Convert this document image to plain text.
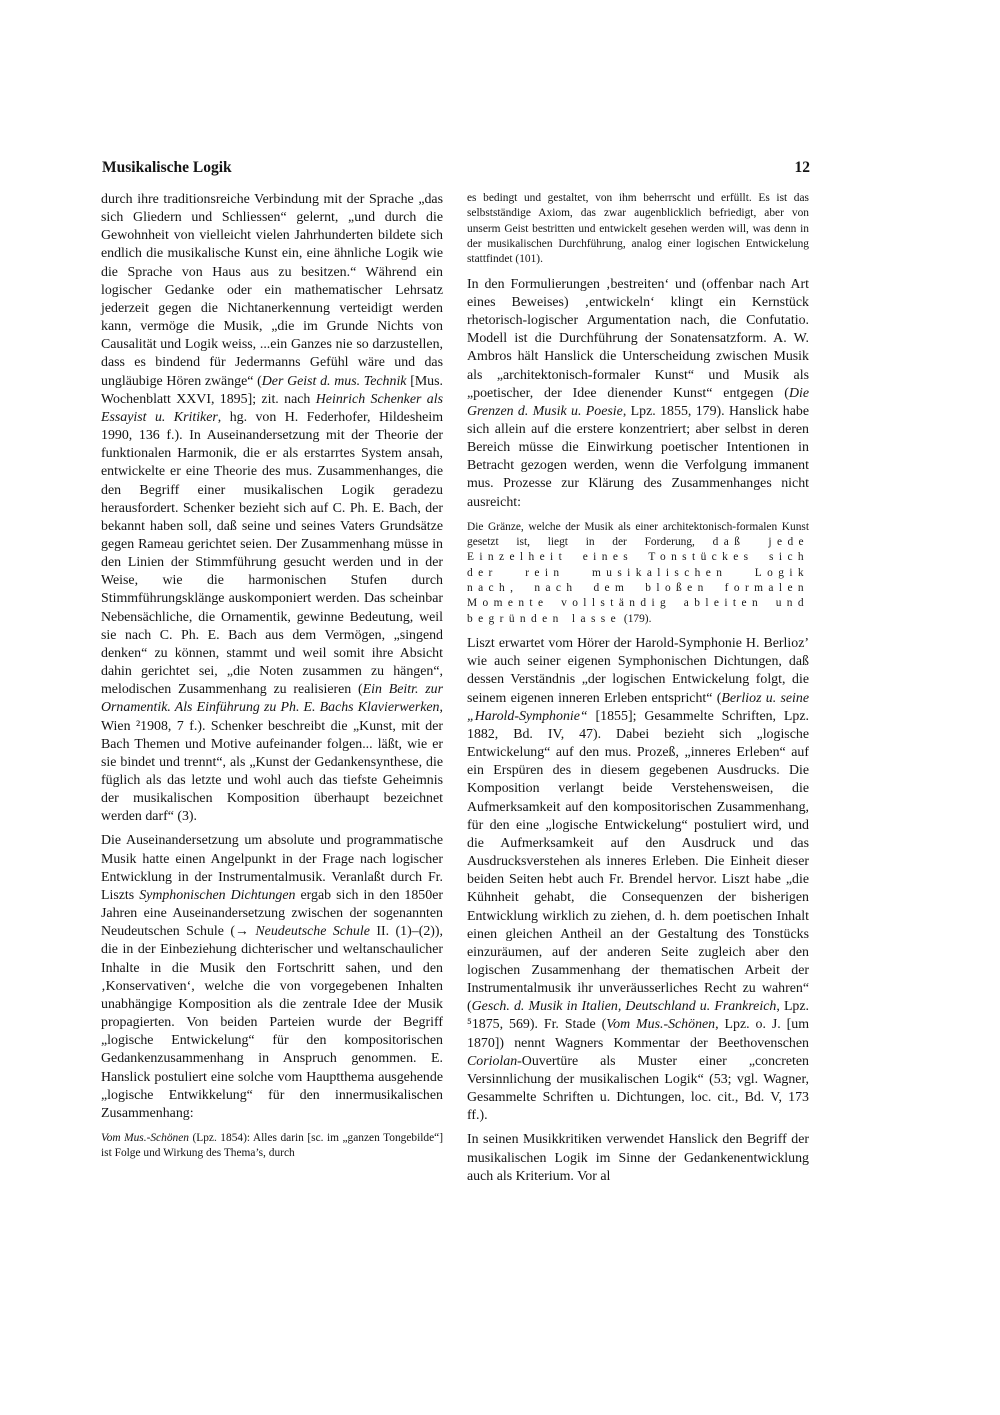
Musikalische Logik	12

durch ihre traditionsreiche Verbindung mit der Sprache „das sich Gliedern und Schliessen“ gelernt, „und durch die Gewohnheit von vielleicht vielen Jahrhunderten bildete sich endlich die musikalische Kunst ein, eine ähnliche Logik wie die Sprache von Haus aus zu besitzen.“ Während ein logischer Gedanke oder ein mathematischer Lehrsatz jederzeit gegen die Nichtanerkennung verteidigt werden kann, vermöge die Musik, „die im Grunde Nichts von Causalität und Logik weiss, ...ein Ganzes nie so darzustellen, dass es bindend für Jedermanns Gefühl wäre und das ungläubige Hören zwänge“ (Der Geist d. mus. Technik [Mus. Wochenblatt XXVI, 1895]; zit. nach Heinrich Schenker als Essayist u. Kritiker, hg. von H. Federhofer, Hildesheim 1990, 136 f.). In Auseinandersetzung mit der Theorie der funktionalen Harmonik, die er als erstarrtes System ansah, entwickelte er eine Theorie des mus. Zusammenhanges, die den Begriff einer musikalischen Logik geradezu herausfordert. Schenker bezieht sich auf C. Ph. E. Bach, der bekannt haben soll, daß seine und seines Vaters Grundsätze gegen Rameau gerichtet seien. Der Zusammenhang müsse in den Linien der Stimmführung gesucht werden und in der Weise, wie die harmonischen Stufen durch Stimmführungsklänge auskomponiert werden. Das scheinbar Nebensächliche, die Ornamentik, gewinne Bedeutung, weil sie nach C. Ph. E. Bach aus dem Vermögen, „singend denken“ zu können, stammt und weil somit ihre Absicht dahin gerichtet sei, „die Noten zusammen zu hängen“, melodischen Zusammenhang zu realisieren (Ein Beitr. zur Ornamentik. Als Einführung zu Ph. E. Bachs Klavierwerken, Wien ²1908, 7 f.). Schenker beschreibt die „Kunst, mit der Bach Themen und Motive aufeinander folgen... läßt, wie er sie bindet und trennt“, als „Kunst der Gedankensynthese, die füglich als das letzte und wohl auch das tiefste Geheimnis der musikalischen Komposition überhaupt bezeichnet werden darf“ (3).

Die Auseinandersetzung um absolute und programmatische Musik hatte einen Angelpunkt in der Frage nach logischer Entwicklung in der Instrumentalmusik. Veranlaßt durch Fr. Liszts Symphonischen Dichtungen ergab sich in den 1850er Jahren eine Auseinandersetzung zwischen der sogenannten Neudeutschen Schule (→ Neudeutsche Schule II. (1)–(2)), die in der Einbeziehung dichterischer und weltanschaulicher Inhalte in die Musik den Fortschritt sahen, und den ‚Konservativen‘, welche die von vorgegebenen Inhalten unabhängige Komposition als die zentrale Idee der Musik propagierten. Von beiden Parteien wurde der Begriff „logische Entwickelung“ für den kompositorischen Gedankenzusammenhang in Anspruch genommen. E. Hanslick postuliert eine solche vom Hauptthema ausgehende „logische Entwikkelung“ für den innermusikalischen Zusammenhang:

Vom Mus.-Schönen (Lpz. 1854): Alles darin [sc. im „ganzen Tongebilde“] ist Folge und Wirkung des Thema’s, durch

es bedingt und gestaltet, von ihm beherrscht und erfüllt. Es ist das selbstständige Axiom, das zwar augenblicklich befriedigt, aber von unserm Geist bestritten und entwickelt gesehen werden will, was denn in der musikalischen Durchführung, analog einer logischen Entwickelung stattfindet (101).

In den Formulierungen ‚bestreiten‘ und (offenbar nach Art eines Beweises) ‚entwickeln‘ klingt ein Kernstück rhetorisch-logischer Argumentation nach, die Confutatio. Modell ist die Durchführung der Sonatensatzform. A. W. Ambros hält Hanslick die Unterscheidung zwischen Musik als „architektonisch-formaler Kunst“ und Musik als „poetischer, der Idee dienender Kunst“ entgegen (Die Grenzen d. Musik u. Poesie, Lpz. 1855, 179). Hanslick habe sich allein auf die erstere konzentriert; aber selbst in deren Bereich müsse die Einwirkung poetischer Intentionen in Betracht gezogen werden, wenn die Verfolgung immanent mus. Prozesse zur Klärung des Zusammenhanges nicht ausreicht:

Die Gränze, welche der Musik als einer architektonisch-formalen Kunst gesetzt ist, liegt in der Forderung, daß jede Einzelheit eines Tonstückes sich der rein musikalischen Logik nach, nach dem bloßen formalen Momente vollständig ableiten und begründen lasse (179).

Liszt erwartet vom Hörer der Harold-Symphonie H. Berlioz’ wie auch seiner eigenen Symphonischen Dichtungen, daß dessen Verständnis „der logischen Entwickelung folgt, die seinem eigenen inneren Erleben entspricht“ (Berlioz u. seine „Harold-Symphonie“ [1855]; Gesammelte Schriften, Lpz. 1882, Bd. IV, 47). Dabei bezieht sich „logische Entwickelung“ auf den mus. Prozeß, „inneres Erleben“ auf ein Erspüren des in diesem gegebenen Ausdrucks. Die Komposition verlangt beide Verstehensweisen, die Aufmerksamkeit auf den kompositorischen Zusammenhang, für den eine „logische Entwickelung“ postuliert wird, und die Aufmerksamkeit auf den Ausdruck und das Ausdrucksverstehen als inneres Erleben. Die Einheit dieser beiden Seiten hebt auch Fr. Brendel hervor. Liszt habe „die Kühnheit gehabt, die Consequenzen der bisherigen Entwicklung wirklich zu ziehen, d. h. dem poetischen Inhalt einen gleichen Antheil an der Gestaltung des Tonstücks einzuräumen, auf der anderen Seite zugleich aber den logischen Zusammenhang der thematischen Arbeit der Instrumentalmusik ihr unveräusserliches Recht zu wahren“ (Gesch. d. Musik in Italien, Deutschland u. Frankreich, Lpz. ⁵1875, 569). Fr. Stade (Vom Mus.-Schönen, Lpz. o. J. [um 1870]) nennt Wagners Kommentar der Beethovenschen Coriolan-Ouvertüre als Muster einer „concreten Versinnlichung der musikalischen Logik“ (53; vgl. Wagner, Gesammelte Schriften u. Dichtungen, loc. cit., Bd. V, 173 ff.).

In seinen Musikkritiken verwendet Hanslick den Begriff der musikalischen Logik im Sinne der Gedankenentwicklung auch als Kriterium. Vor al
